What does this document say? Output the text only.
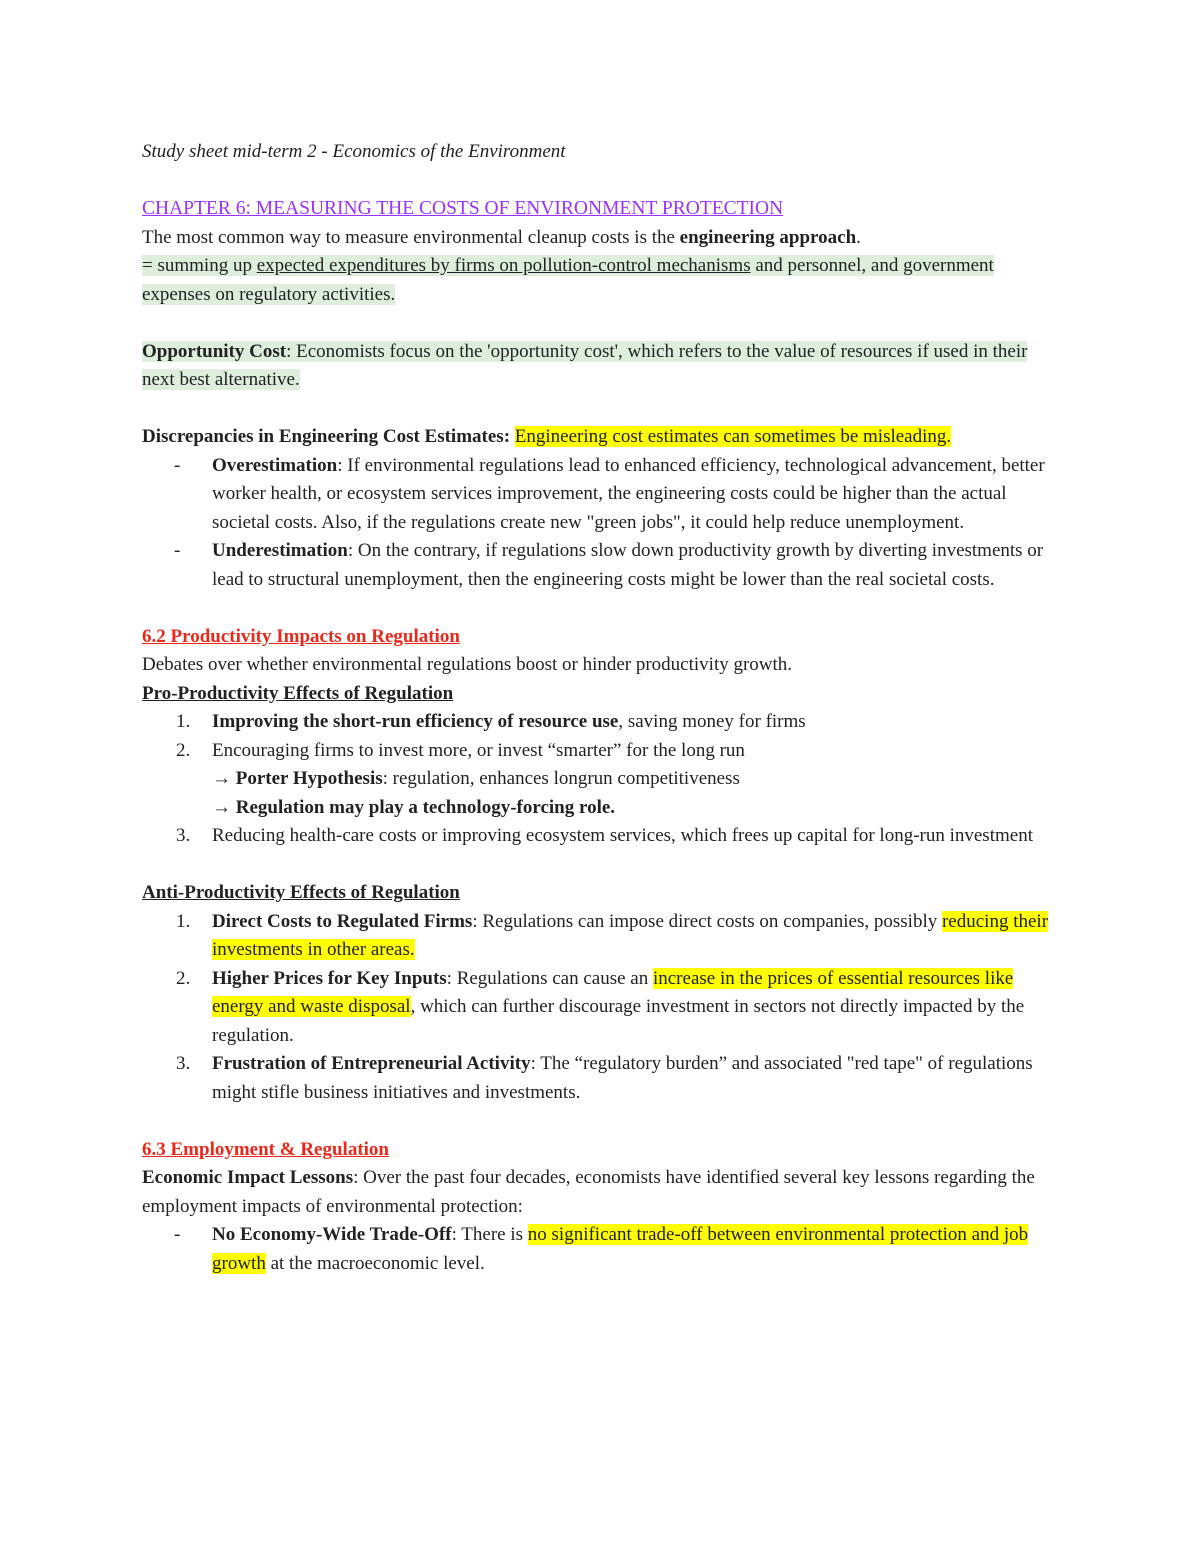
Study sheet mid-term 2 - Economics of the Environment

CHAPTER 6: MEASURING THE COSTS OF ENVIRONMENT PROTECTION

The most common way to measure environmental cleanup costs is the engineering approach.

= summing up expected expenditures by firms on pollution-control mechanisms and personnel, and government expenses on regulatory activities.

Opportunity Cost: Economists focus on the 'opportunity cost', which refers to the value of resources if used in their next best alternative.

Discrepancies in Engineering Cost Estimates: Engineering cost estimates can sometimes be misleading.

- Overestimation: If environmental regulations lead to enhanced efficiency, technological advancement, better worker health, or ecosystem services improvement, the engineering costs could be higher than the actual societal costs. Also, if the regulations create new "green jobs", it could help reduce unemployment.
- Underestimation: On the contrary, if regulations slow down productivity growth by diverting investments or lead to structural unemployment, then the engineering costs might be lower than the real societal costs.

6.2 Productivity Impacts on Regulation

Debates over whether environmental regulations boost or hinder productivity growth.

Pro-Productivity Effects of Regulation

1. Improving the short-run efficiency of resource use, saving money for firms
2. Encouraging firms to invest more, or invest “smarter” for the long run
→ Porter Hypothesis: regulation, enhances longrun competitiveness
→ Regulation may play a technology-forcing role.
3. Reducing health-care costs or improving ecosystem services, which frees up capital for long-run investment

Anti-Productivity Effects of Regulation

1. Direct Costs to Regulated Firms: Regulations can impose direct costs on companies, possibly reducing their investments in other areas.
2. Higher Prices for Key Inputs: Regulations can cause an increase in the prices of essential resources like energy and waste disposal, which can further discourage investment in sectors not directly impacted by the regulation.
3. Frustration of Entrepreneurial Activity: The “regulatory burden” and associated "red tape" of regulations might stifle business initiatives and investments.

6.3 Employment & Regulation

Economic Impact Lessons: Over the past four decades, economists have identified several key lessons regarding the employment impacts of environmental protection:

- No Economy-Wide Trade-Off: There is no significant trade-off between environmental protection and job growth at the macroeconomic level.
